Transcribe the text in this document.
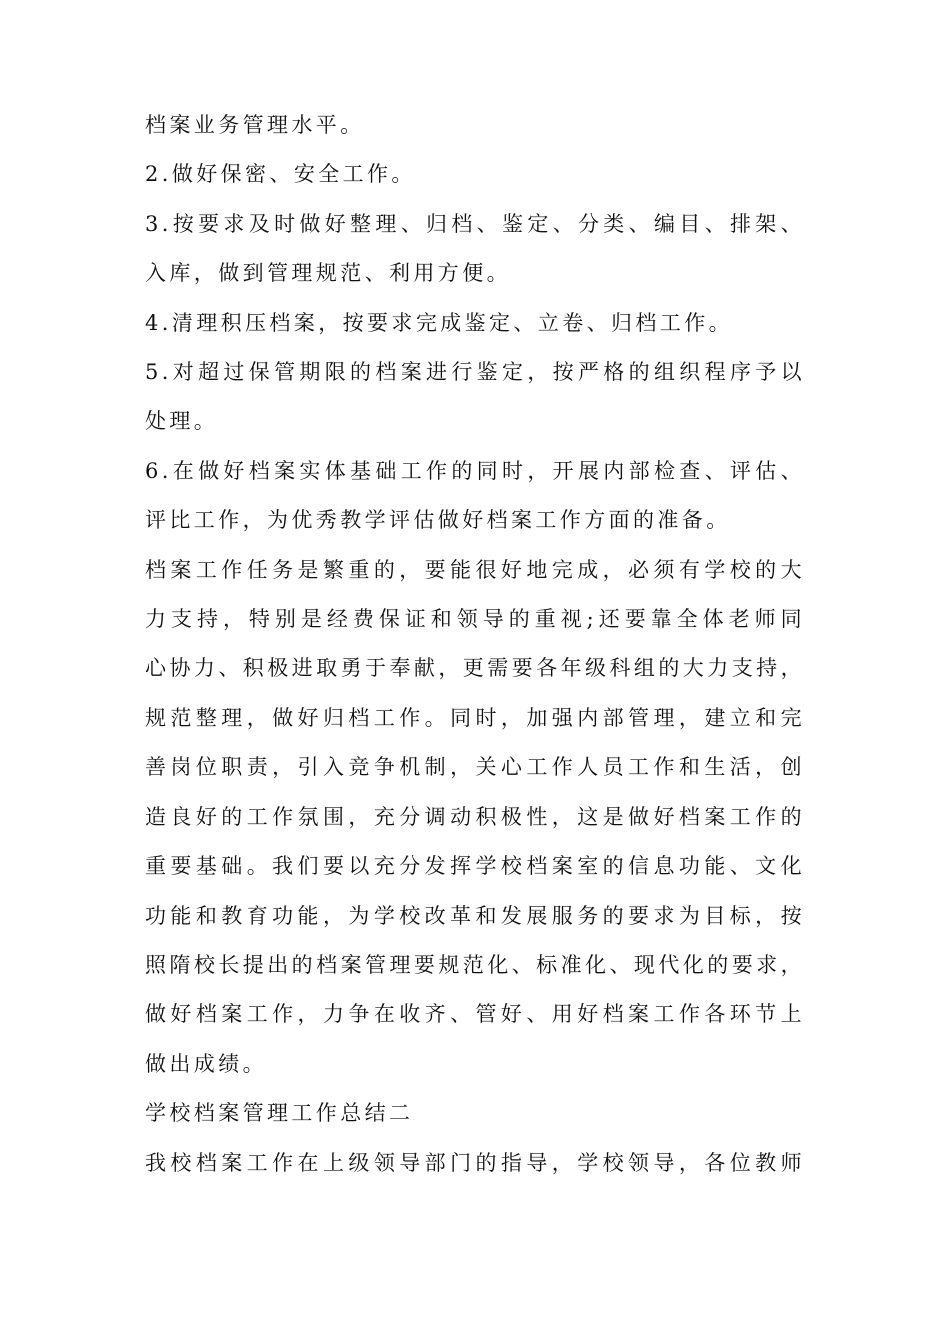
档案业务管理水平。

2.做好保密、安全工作。

3.按要求及时做好整理、归档、鉴定、分类、编目、排架、

入库，做到管理规范、利用方便。

4.清理积压档案，按要求完成鉴定、立卷、归档工作。

5.对超过保管期限的档案进行鉴定，按严格的组织程序予以

处理。

6.在做好档案实体基础工作的同时，开展内部检查、评估、

评比工作，为优秀教学评估做好档案工作方面的准备。

档案工作任务是繁重的，要能很好地完成，必须有学校的大

力支持，特别是经费保证和领导的重视;还要靠全体老师同

心协力、积极进取勇于奉献，更需要各年级科组的大力支持，

规范整理，做好归档工作。同时，加强内部管理，建立和完

善岗位职责，引入竞争机制，关心工作人员工作和生活，创

造良好的工作氛围，充分调动积极性，这是做好档案工作的

重要基础。我们要以充分发挥学校档案室的信息功能、文化

功能和教育功能，为学校改革和发展服务的要求为目标，按

照隋校长提出的档案管理要规范化、标准化、现代化的要求，

做好档案工作，力争在收齐、管好、用好档案工作各环节上

做出成绩。

学校档案管理工作总结二

我校档案工作在上级领导部门的指导，学校领导，各位教师
